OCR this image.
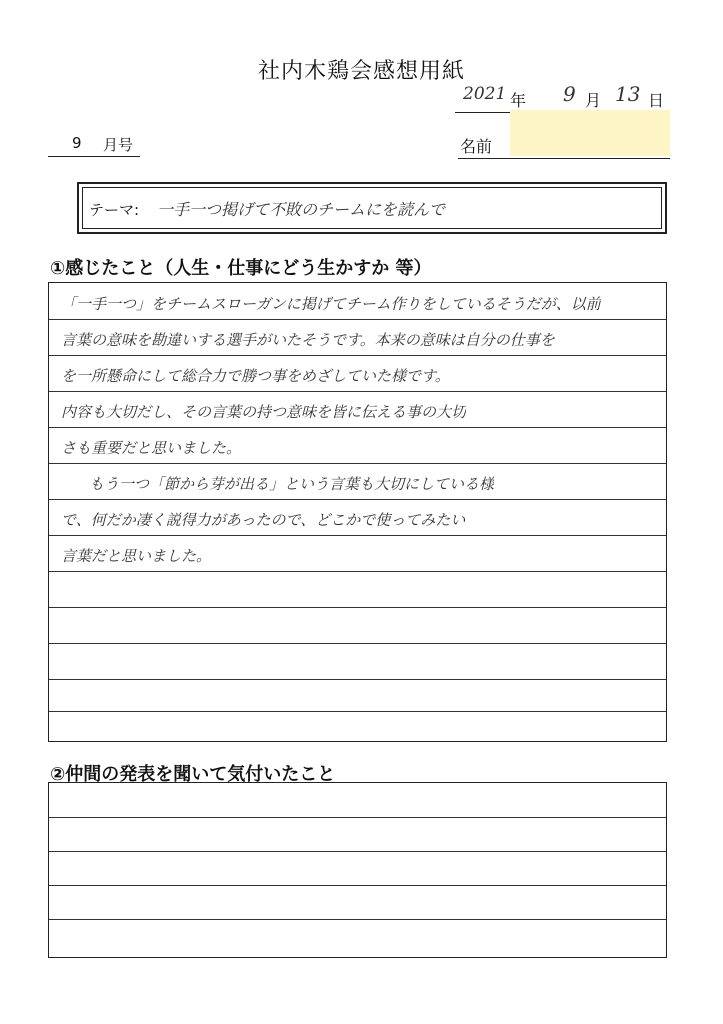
社内木鶏会感想用紙
2021 年 9 月 13 日
9 月号	名前
テーマ: 一手一つ掲げて不敗のチームにを読んで
①感じたこと（人生・仕事にどう生かすか 等）
「一手一つ」をチームスローガンに掲げてチーム作りをしているそうだが、以前
言葉の意味を勘違いする選手がいたそうです。本来の意味は自分の仕事を
を一所懸命にして総合力で勝つ事をめざしていた様です。
内容も大切だし、その言葉の持つ意味を皆に伝える事の大切
さも重要だと思いました。
もう一つ「節から芽が出る」という言葉も大切にしている様
で、何だか凄く説得力があったので、どこかで使ってみたい
言葉だと思いました。
②仲間の発表を聞いて気付いたこと
